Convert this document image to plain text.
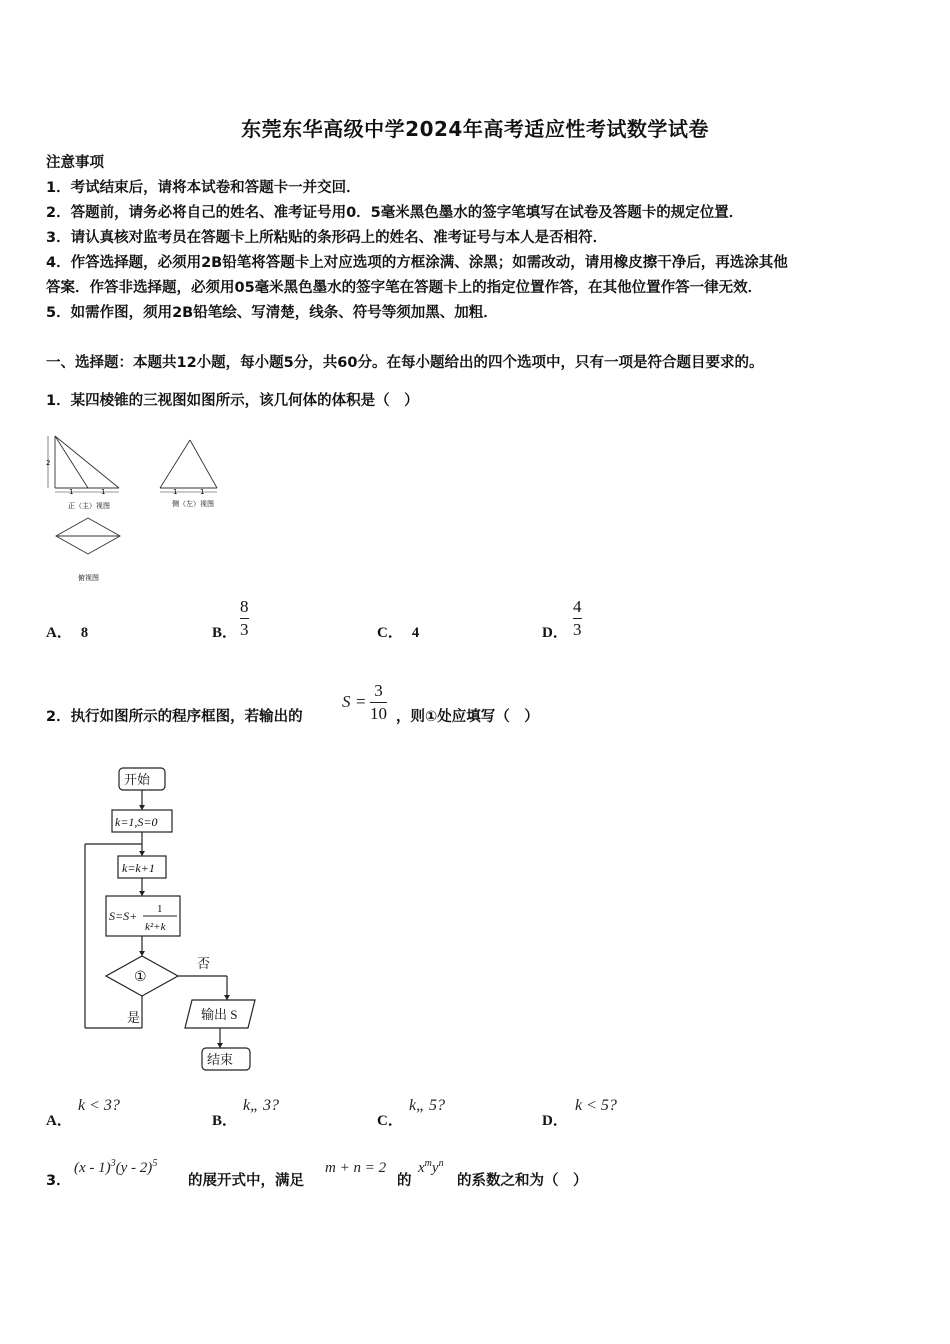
东莞东华高级中学2024年高考适应性考试数学试卷
注意事项
1．考试结束后，请将本试卷和答题卡一并交回．
2．答题前，请务必将自己的姓名、准考证号用0．5毫米黑色墨水的签字笔填写在试卷及答题卡的规定位置．
3．请认真核对监考员在答题卡上所粘贴的条形码上的姓名、准考证号与本人是否相符．
4．作答选择题，必须用2B铅笔将答题卡上对应选项的方框涂满、涂黑；如需改动，请用橡皮擦干净后，再选涂其他
答案．作答非选择题，必须用05毫米黑色墨水的签字笔在答题卡上的指定位置作答，在其他位置作答一律无效．
5．如需作图，须用2B铅笔绘、写清楚，线条、符号等须加黑、加粗．
一、选择题：本题共12小题，每小题5分，共60分。在每小题给出的四个选项中，只有一项是符合题目要求的。
1．某四棱锥的三视图如图所示，该几何体的体积是（　）
2
1	1
正（主）视图
1	1
侧（左）视图
俯视图
A． 8	B． $\frac{8}{3}$	C． 4	D． $\frac{4}{3}$
2．执行如图所示的程序框图，若输出的
$S = \frac{3}{10}$ ，则①处应填写（　）
开始
k=1,S=0
k=k+1
S=S+ 1
k²+k
①
否
是	输出 S
结束
A．
k < 3?
B．
k„ 3?
C．
k„ 5?
D．
k < 5?
3．
(x - 1)$^3$(y - 2)$^5$
的展开式中，满足
m + n = 2
的
$x^my^n$
的系数之和为（　）
